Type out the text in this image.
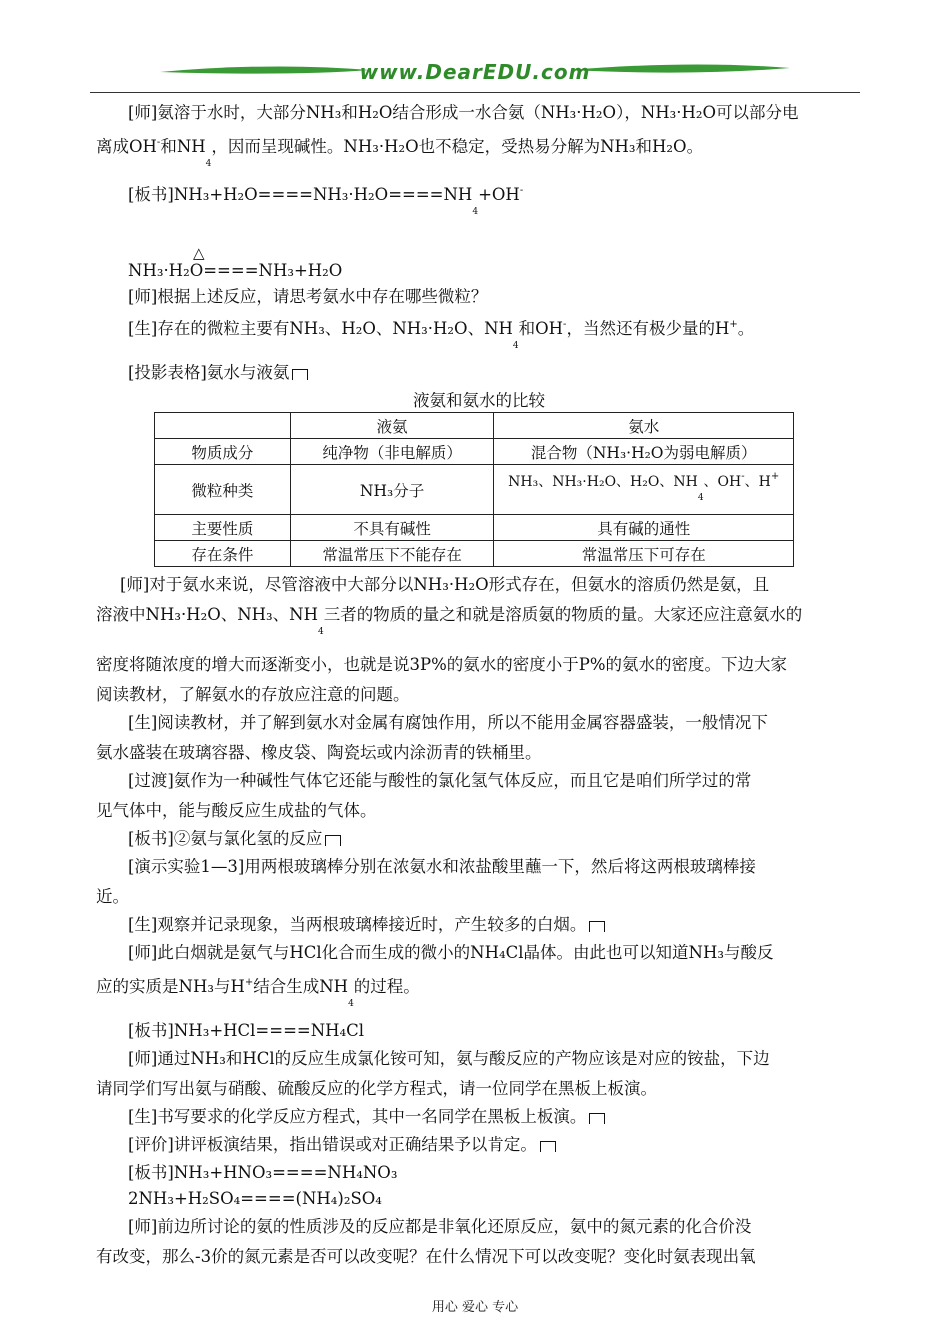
www.DearEDU.com
[师]氨溶于水时，大部分NH₃和H₂O结合形成一水合氨（NH₃·H₂O），NH₃·H₂O可以部分电
离成OH-和$NH_4$，因而呈现碱性。NH₃·H₂O也不稳定，受热易分解为NH₃和H₂O。
[板书]$NH_3+H_2O====NH_3\cdot H_2O====NH_4+OH^-$
△
NH₃·H₂O====NH₃+H₂O
[师]根据上述反应，请思考氨水中存在哪些微粒？
[生]存在的微粒主要有NH₃、H₂O、NH₃·H₂O、$NH_4$和OH-，当然还有极少量的H+。
[投影表格]氨水与液氨
液氨和氨水的比较
	液氨	氨水
物质成分	纯净物（非电解质）	混合物（NH₃·H₂O为弱电解质）
微粒种类	NH₃分子	NH₃、NH₃·H₂O、H₂O、$NH_4$、OH-、H+
主要性质	不具有碱性	具有碱的通性
存在条件	常温常压下不能存在	常温常压下可存在
[师]对于氨水来说，尽管溶液中大部分以NH₃·H₂O形式存在，但氨水的溶质仍然是氨，且
溶液中NH₃·H₂O、NH₃、$NH_4$三者的物质的量之和就是溶质氨的物质的量。大家还应注意氨水的
密度将随浓度的增大而逐渐变小，也就是说3P%的氨水的密度小于P%的氨水的密度。下边大家
阅读教材，了解氨水的存放应注意的问题。
[生]阅读教材，并了解到氨水对金属有腐蚀作用，所以不能用金属容器盛装，一般情况下
氨水盛装在玻璃容器、橡皮袋、陶瓷坛或内涂沥青的铁桶里。
[过渡]氨作为一种碱性气体它还能与酸性的氯化氢气体反应，而且它是咱们所学过的常
见气体中，能与酸反应生成盐的气体。
[板书]②氨与氯化氢的反应
[演示实验1—3]用两根玻璃棒分别在浓氨水和浓盐酸里蘸一下，然后将这两根玻璃棒接
近。
[生]观察并记录现象，当两根玻璃棒接近时，产生较多的白烟。
[师]此白烟就是氨气与HCl化合而生成的微小的NH₄Cl晶体。由此也可以知道NH₃与酸反
应的实质是NH₃与H+结合生成$NH_4$的过程。
[板书]NH₃+HCl====NH₄Cl
[师]通过NH₃和HCl的反应生成氯化铵可知，氨与酸反应的产物应该是对应的铵盐，下边
请同学们写出氨与硝酸、硫酸反应的化学方程式，请一位同学在黑板上板演。
[生]书写要求的化学反应方程式，其中一名同学在黑板上板演。
[评价]讲评板演结果，指出错误或对正确结果予以肯定。
[板书]NH₃+HNO₃====NH₄NO₃
2NH₃+H₂SO₄====(NH₄)₂SO₄
[师]前边所讨论的氨的性质涉及的反应都是非氧化还原反应，氨中的氮元素的化合价没
有改变，那么-3价的氮元素是否可以改变呢？在什么情况下可以改变呢？变化时氨表现出氧
用心 爱心 专心
